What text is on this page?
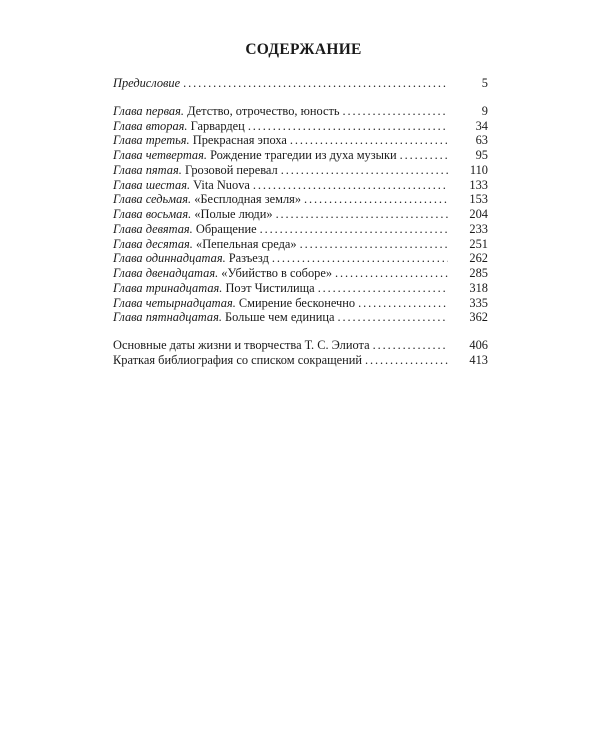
СОДЕРЖАНИЕ
Предисловие . . .	5
Глава первая. Детство, отрочество, юность . . .	9
Глава вторая. Гарвардец . . .	34
Глава третья. Прекрасная эпоха . . .	63
Глава четвертая. Рождение трагедии из духа музыки . . .	95
Глава пятая. Грозовой перевал . . .	110
Глава шестая. Vita Nuova . . .	133
Глава седьмая. «Бесплодная земля» . . .	153
Глава восьмая. «Полые люди» . . .	204
Глава девятая. Обращение . . .	233
Глава десятая. «Пепельная среда» . . .	251
Глава одиннадцатая. Разъезд . . .	262
Глава двенадцатая. «Убийство в соборе» . . .	285
Глава тринадцатая. Поэт Чистилища . . .	318
Глава четырнадцатая. Смирение бесконечно . . .	335
Глава пятнадцатая. Больше чем единица . . .	362
Основные даты жизни и творчества Т. С. Элиота . . .	406
Краткая библиография со списком сокращений . . .	413
